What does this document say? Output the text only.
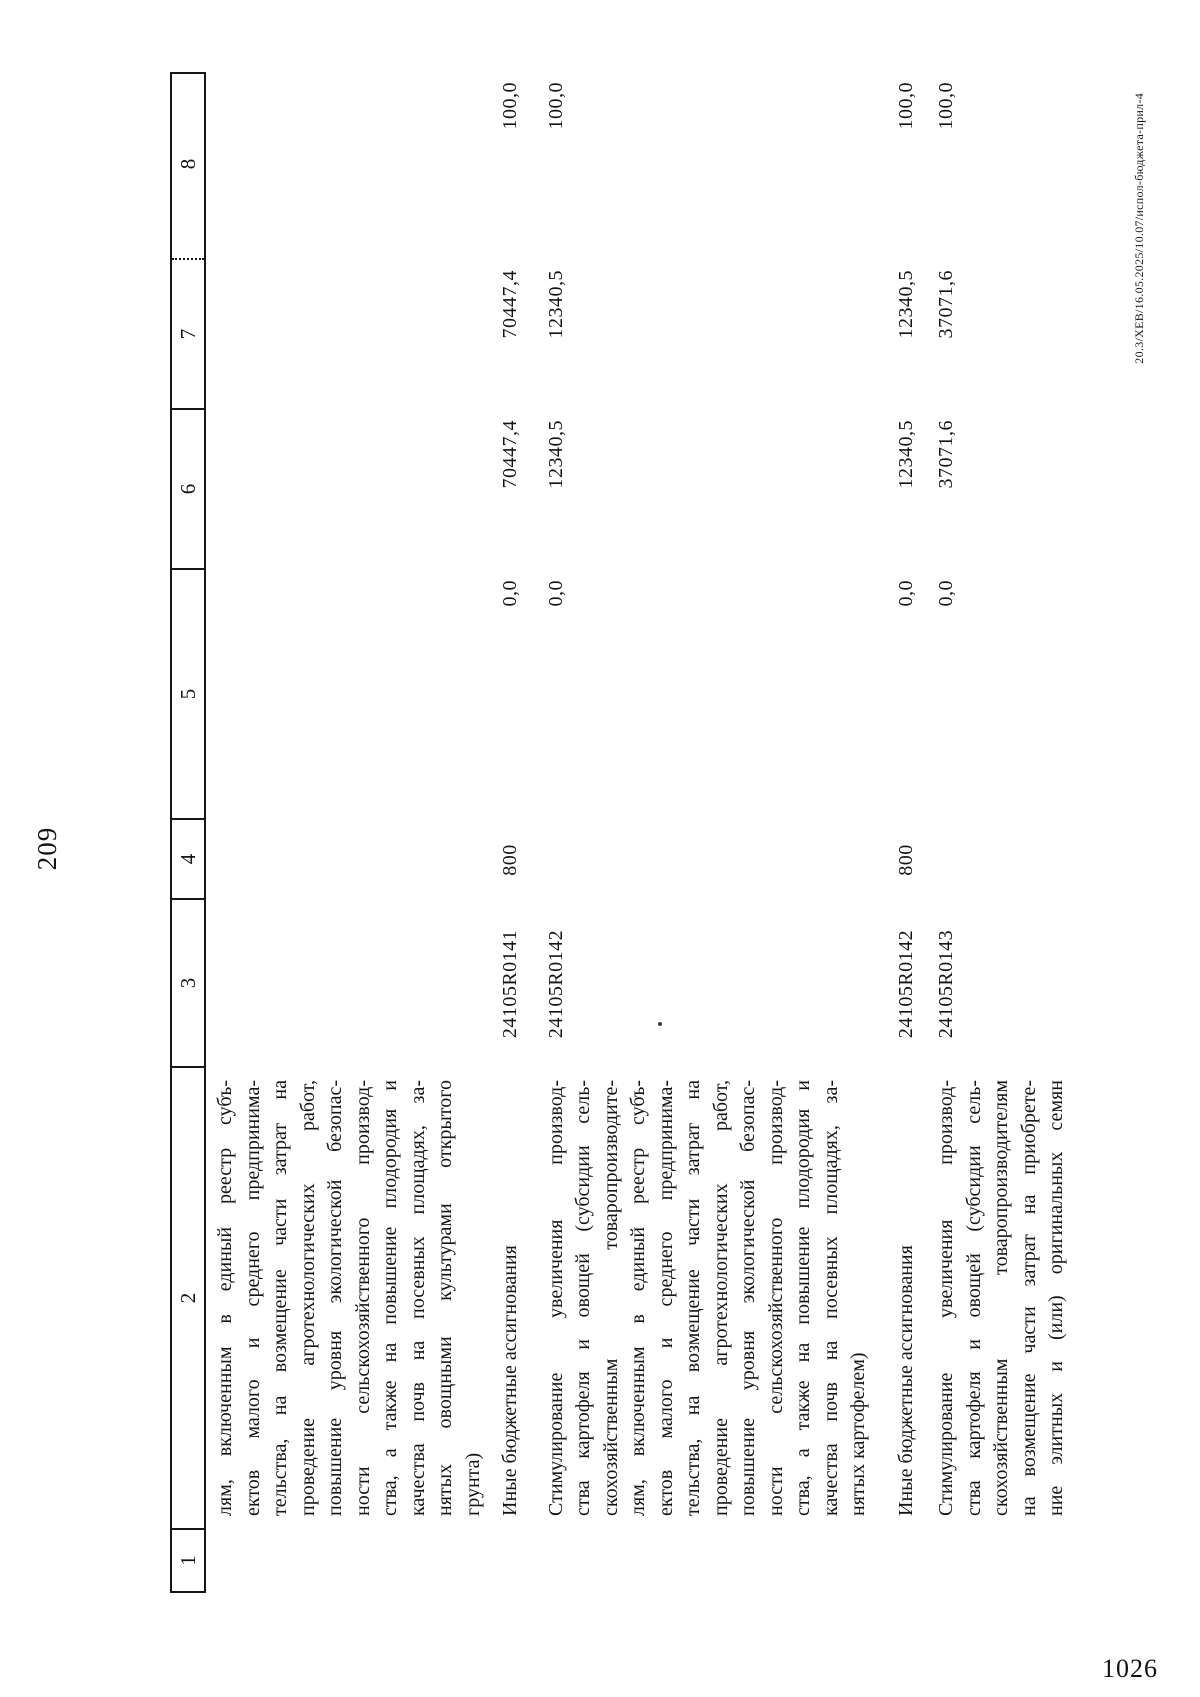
209
1
2
3
4
5
6
7
8
лям, включенным в единый реестр субъ- ектов малого и среднего предпринима- тельства, на возмещение части затрат на проведение агротехнологических работ, повышение уровня экологической безопас- ности сельскохозяйственного производ- ства, а также на повышение плодородия и качества почв на посевных площадях, за- нятых овощными культурами открытого грунта) Иные бюджетные ассигнования
24105R0141
800
0,0
70447,4
70447,4
100,0
Стимулирование увеличения производ- ства картофеля и овощей (субсидии сель- скохозяйственным товаропроизводите- лям, включенным в единый реестр субъ- ектов малого и среднего предпринима- тельства, на возмещение части затрат на проведение агротехнологических работ, повышение уровня экологической безопас- ности сельскохозяйственного производ- ства, а также на повышение плодородия и качества почв на посевных площадях, за- нятых картофелем)
24105R0142
0,0
12340,5
12340,5
100,0
Иные бюджетные ассигнования
24105R0142
800
0,0
12340,5
12340,5
100,0
Стимулирование увеличения производ- ства картофеля и овощей (субсидии сель- скохозяйственным товаропроизводителям на возмещение части затрат на приобрете- ние элитных и (или) оригинальных семян
24105R0143
0,0
37071,6
37071,6
100,0	20.3/ХЕВ/16.05.2025/10.07/испол-бюджета-прил-4
1026
